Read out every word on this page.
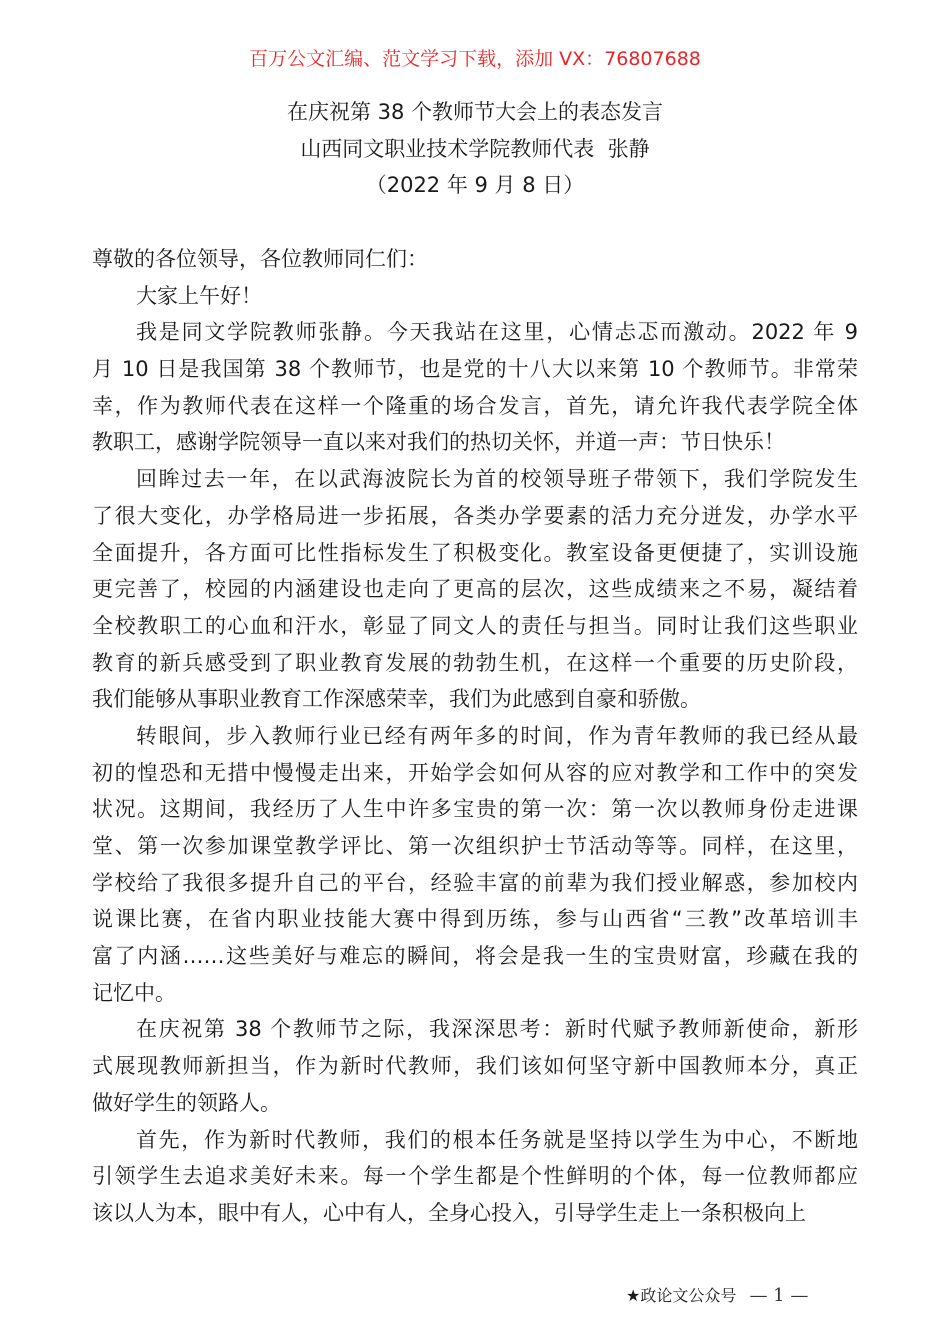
百万公文汇编、范文学习下载，添加 VX：76807688
在庆祝第 38 个教师节大会上的表态发言
山西同文职业技术学院教师代表  张静
（2022 年 9 月 8 日）
尊敬的各位领导，各位教师同仁们：
大家上午好！
我是同文学院教师张静。今天我站在这里，心情忐忑而激动。2022 年 9
月 10 日是我国第 38 个教师节，也是党的十八大以来第 10 个教师节。非常荣
幸，作为教师代表在这样一个隆重的场合发言，首先，请允许我代表学院全体
教职工，感谢学院领导一直以来对我们的热切关怀，并道一声：节日快乐！
回眸过去一年，在以武海波院长为首的校领导班子带领下，我们学院发生
了很大变化，办学格局进一步拓展，各类办学要素的活力充分迸发，办学水平
全面提升，各方面可比性指标发生了积极变化。教室设备更便捷了，实训设施
更完善了，校园的内涵建设也走向了更高的层次，这些成绩来之不易，凝结着
全校教职工的心血和汗水，彰显了同文人的责任与担当。同时让我们这些职业
教育的新兵感受到了职业教育发展的勃勃生机，在这样一个重要的历史阶段，
我们能够从事职业教育工作深感荣幸，我们为此感到自豪和骄傲。
转眼间，步入教师行业已经有两年多的时间，作为青年教师的我已经从最
初的惶恐和无措中慢慢走出来，开始学会如何从容的应对教学和工作中的突发
状况。这期间，我经历了人生中许多宝贵的第一次：第一次以教师身份走进课
堂、第一次参加课堂教学评比、第一次组织护士节活动等等。同样，在这里，
学校给了我很多提升自己的平台，经验丰富的前辈为我们授业解惑，参加校内
说课比赛，在省内职业技能大赛中得到历练，参与山西省“三教”改革培训丰
富了内涵……这些美好与难忘的瞬间，将会是我一生的宝贵财富，珍藏在我的
记忆中。
在庆祝第 38 个教师节之际，我深深思考：新时代赋予教师新使命，新形
式展现教师新担当，作为新时代教师，我们该如何坚守新中国教师本分，真正
做好学生的领路人。
首先，作为新时代教师，我们的根本任务就是坚持以学生为中心，不断地
引领学生去追求美好未来。每一个学生都是个性鲜明的个体，每一位教师都应
该以人为本，眼中有人，心中有人，全身心投入，引导学生走上一条积极向上
★政论文公众号 — 1 —
